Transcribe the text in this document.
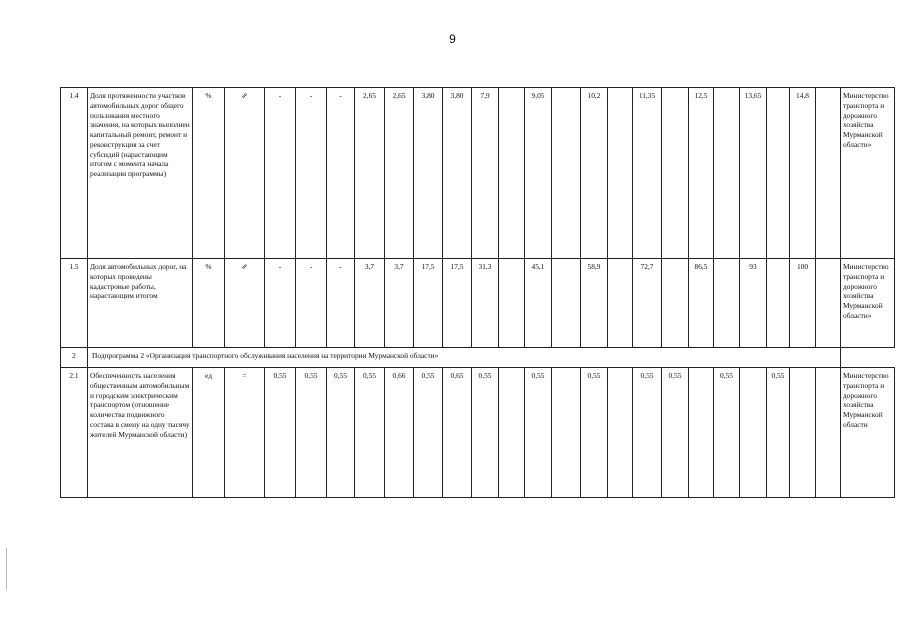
9
1.4	Доля протяженности участков автомобильных дорог общего пользования местного значения, на которых выполнен капитальный ремонт, ремонт и реконструкция за счет субсидий (нарастающим итогом с момента начала реализации программы)	%	⇗	-	-	-	2,65	2,65	3,80	3,80	7,9		9,05		10,2		11,35		12,5		13,65		14,8		Министерство транспорта и дорожного хозяйства Мурманской области»
1.5	Доля автомобильных дорог, на которых проведены кадастровые работы, нарастающим итогом	%	⇗	-	-	-	3,7	3,7	17,5	17,5	31,3		45,1		58,9		72,7		86,5		93		100		Министерство транспорта и дорожного хозяйства Мурманской области»
2	Подпрограмма 2 «Организация транспортного обслуживания населения на территории Мурманской области»																								
2.1	Обеспеченность населения общественным автомобильным и городским электрическим транспортом (отношение количества подвижного состава в смену на одну тысячу жителей Мурманской области)	ед	=	0,55	0,55	0,55	0,55	0,66	0,55	0,65	0,55		0,55		0,55		0,55	0,55		0,55		0,55			Министерство транспорта и дорожного хозяйства Мурманской области
